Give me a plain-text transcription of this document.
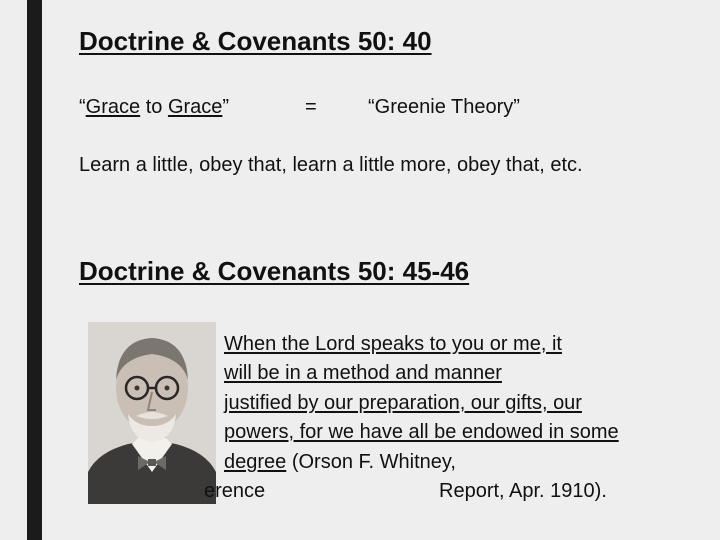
Doctrine & Covenants 50: 40
“Grace to Grace”	=	“Greenie Theory”
Learn a little, obey that, learn a little more, obey that, etc.
Doctrine & Covenants 50: 45-46
When the Lord speaks to you or me, it
will be in a method and manner
justified by our preparation, our gifts, our
powers, for we have all be endowed in some
degree (Orson F. Whitney,
erence	Report, Apr. 1910).
